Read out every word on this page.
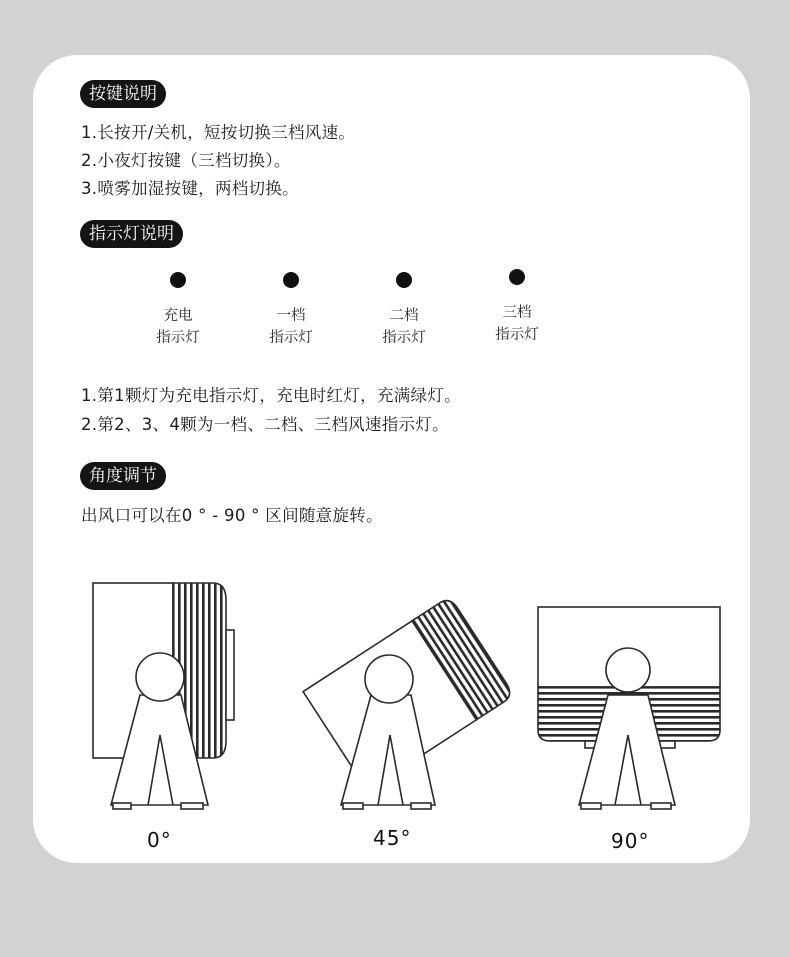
按键说明
1.长按开/关机，短按切换三档风速。
2.小夜灯按键（三档切换）。
3.喷雾加湿按键，两档切换。
指示灯说明
充电
指示灯
一档
指示灯
二档
指示灯
三档
指示灯
1.第1颗灯为充电指示灯，充电时红灯，充满绿灯。
2.第2、3、4颗为一档、二档、三档风速指示灯。
角度调节
出风口可以在0 ° - 90 ° 区间随意旋转。
0°	45°	90°
